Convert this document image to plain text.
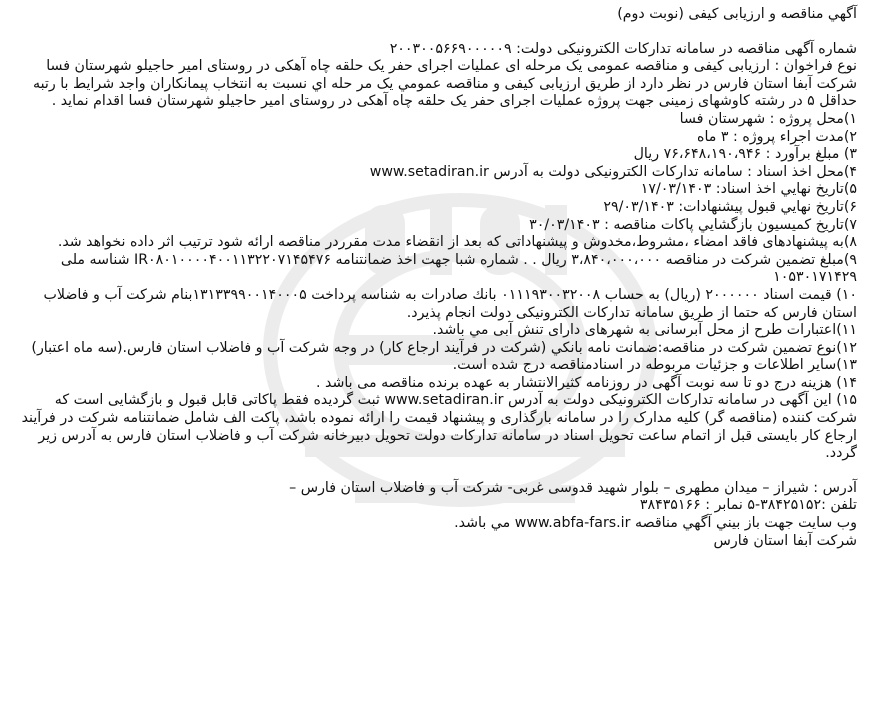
آگهي مناقصه و ارزيابی کيفی (نوبت دوم)
شماره آگهی مناقصه در سامانه تدارکات الکترونيکی دولت: ۲۰۰۳۰۰۵۶۶۹۰۰۰۰۰۹
نوع فراخوان : ارزيابی کيفی و مناقصه عمومی يک مرحله ای عمليات اجرای حفر يک حلقه چاه آهکی در روستای امير حاجيلو شهرستان فسا
شرکت آبفا استان فارس در نظر دارد از طريق ارزيابی کيفی و مناقصه عمومي يک مر حله اي نسبت به انتخاب پيمانکاران واجد شرايط با رتبه حداقل ۵ در رشته کاوشهای زمينی جهت پروژه عمليات اجرای حفر يک حلقه چاه آهکی در روستای امير حاجيلو شهرستان فسا اقدام نمايد .
۱)محل پروژه : شهرستان فسا
۲)مدت اجراء پروژه : ۳ ماه
۳) مبلغ برآورد : ۷۶،۶۴۸،۱۹۰،۹۴۶ ريال
۴)محل اخذ اسناد : سامانه تدارکات الکترونيکی دولت به آدرس www.setadiran.ir
۵)تاريخ نهايي اخذ اسناد: ۱۷/۰۳/۱۴۰۳
۶)تاريخ نهايي قبول پيشنهادات: ۲۹/۰۳/۱۴۰۳
۷)تاريخ كميسيون بازگشايي پاكات مناقصه : ۳۰/۰۳/۱۴۰۳
۸)به پيشنهادهای فاقد امضاء ،مشروط،مخدوش و پيشنهاداتی که بعد از انقضاء مدت مقرردر مناقصه ارائه شود ترتيب اثر داده نخواهد شد.
۹)مبلغ تضمين شرکت در مناقصه ۳،۸۴۰،۰۰۰،۰۰۰ ريال . . شماره شبا جهت اخذ ضمانتنامه IR۰۸۰۱۰۰۰۰۴۰۰۱۱۳۲۲۰۷۱۴۵۴۷۶ شناسه ملی ۱۰۵۳۰۱۷۱۴۲۹
۱۰) قيمت اسناد ۲۰۰۰۰۰۰ (ريال) به حساب ۰۱۱۱۹۳۰۰۳۲۰۰۸ بانك صادرات به شناسه پرداخت ۱۳۱۳۳۹۹۰۰۱۴۰۰۰۵بنام شرکت آب و فاضلاب استان فارس كه حتما از طريق سامانه تداركات الكترونيكی دولت انجام پذيرد.
۱۱)اعتبارات طرح از محل آبرسانی به شهرهای دارای تنش آبی مي باشد.
۱۲)نوع تضمين شرکت در مناقصه:ضمانت نامه بانکي (شرکت در فرآيند ارجاع کار) در وجه شرکت آب و فاضلاب استان فارس.(سه ماه اعتبار)
۱۳)ساير اطلاعات و جزئيات مربوطه در اسنادمناقصه درج شده است.
۱۴) هزينه درج دو تا سه نوبت آگهی در روزنامه کثيرالانتشار به عهده برنده مناقصه می باشد .
۱۵) اين آگهی در سامانه تدارکات الکترونيکی دولت به آدرس www.setadiran.ir ثبت گرديده فقط پاکاتی قابل قبول و بازگشايی است که شرکت کننده (مناقصه گر) کليه مدارک را در سامانه بارگذاری و پيشنهاد قيمت را ارائه نموده باشد، پاکت الف شامل ضمانتنامه شرکت در فرآيند ارجاع کار بايستی قبل از اتمام ساعت تحويل اسناد در سامانه تدارکات دولت تحويل دبيرخانه شرکت آب و فاضلاب استان فارس به آدرس زير گردد.
آدرس : شيراز – ميدان مطهری – بلوار شهيد قدوسی غربی- شرکت آب و فاضلاب استان فارس –
تلفن :۳۸۴۲۵۱۵۲-۵ نمابر : ۳۸۴۳۵۱۶۶
وب سايت جهت باز بيني آگهي مناقصه www.abfa-fars.ir مي باشد.
شرکت آبفا استان فارس
